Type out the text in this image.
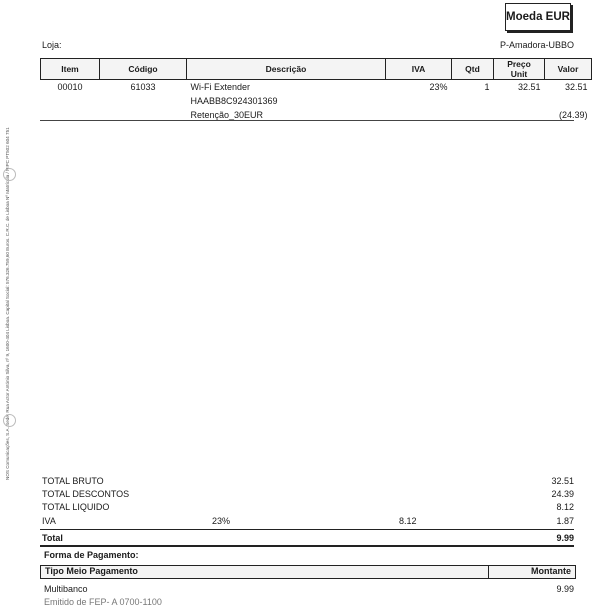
Moeda EUR
Loja:	P-Amadora-UBBO
Item	Código	Descrição	IVA	Qtd	Preço Unit	Valor
00010	61033	Wi-Fi Extender	23%	1	32.51	32.51
		HAABB8C924301369				
		Retenção_30EUR				(24.39)
NOS Comunicações, S.A. Sede: Rua Actor António Silva, nº 9, 1600-404 Lisboa. Capital Social: 576.326.759,60 Euros. C.R.C. de Lisboa Nº Matrícula / NIPC PT502 604 751
TOTAL BRUTO	32.51
TOTAL DESCONTOS	24.39
TOTAL LIQUIDO	8.12
IVA	23%	8.12	1.87
Total	9.99
Forma de Pagamento:
Tipo Meio Pagamento	Montante
Multibanco	9.99
Emitido de FEP- A 0700-1100
